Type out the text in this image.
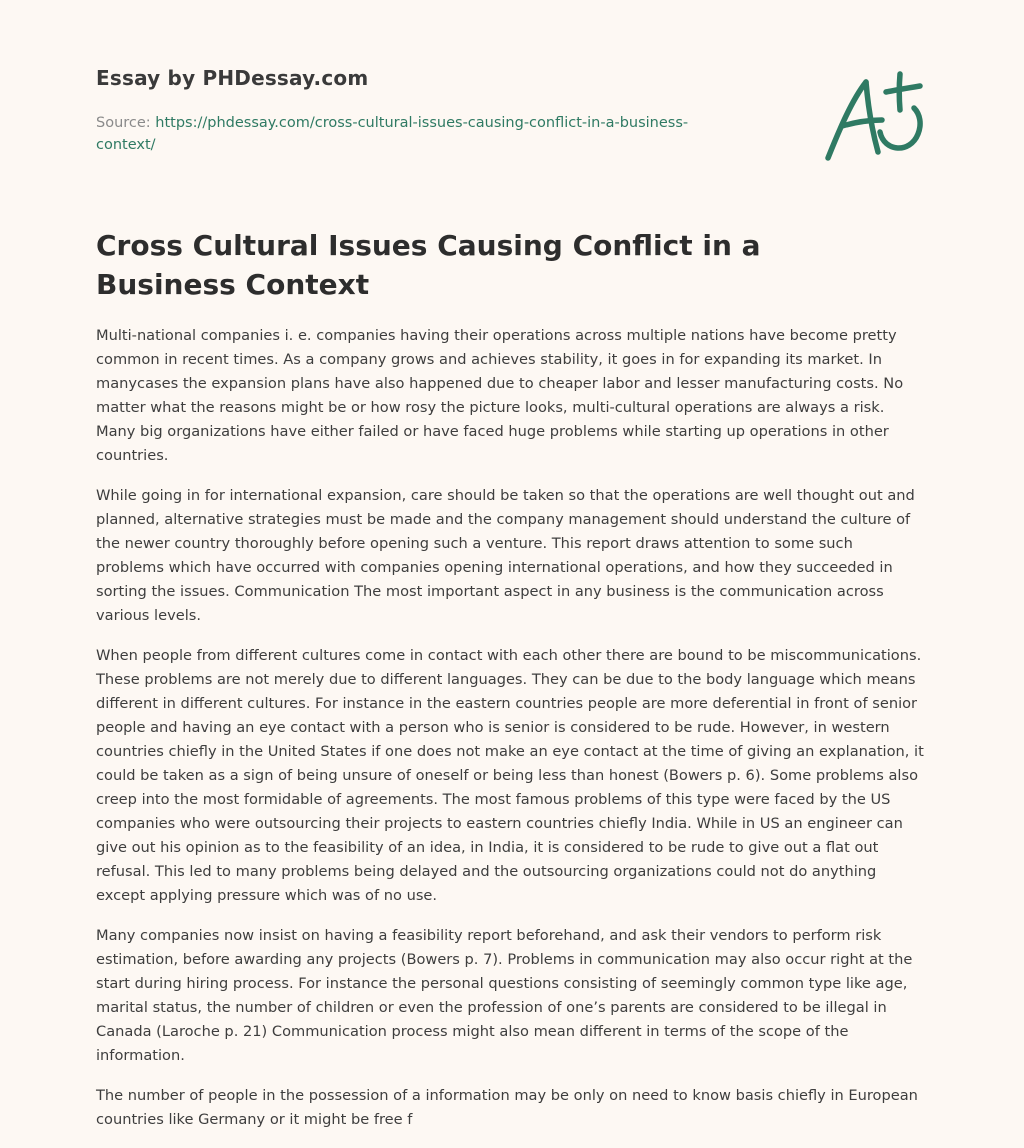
Essay by PHDessay.com
Source: https://phdessay.com/cross-cultural-issues-causing-conflict-in-a-business-context/
Cross Cultural Issues Causing Conflict in a Business Context

Multi-national companies i. e. companies having their operations across multiple nations have become pretty common in recent times. As a company grows and achieves stability, it goes in for expanding its market. In manycases the expansion plans have also happened due to cheaper labor and lesser manufacturing costs. No matter what the reasons might be or how rosy the picture looks, multi-cultural operations are always a risk. Many big organizations have either failed or have faced huge problems while starting up operations in other countries.

While going in for international expansion, care should be taken so that the operations are well thought out and planned, alternative strategies must be made and the company management should understand the culture of the newer country thoroughly before opening such a venture. This report draws attention to some such problems which have occurred with companies opening international operations, and how they succeeded in sorting the issues. Communication The most important aspect in any business is the communication across various levels.

When people from different cultures come in contact with each other there are bound to be miscommunications. These problems are not merely due to different languages. They can be due to the body language which means different in different cultures. For instance in the eastern countries people are more deferential in front of senior people and having an eye contact with a person who is senior is considered to be rude. However, in western countries chiefly in the United States if one does not make an eye contact at the time of giving an explanation, it could be taken as a sign of being unsure of oneself or being less than honest (Bowers p. 6). Some problems also creep into the most formidable of agreements. The most famous problems of this type were faced by the US companies who were outsourcing their projects to eastern countries chiefly India. While in US an engineer can give out his opinion as to the feasibility of an idea, in India, it is considered to be rude to give out a flat out refusal. This led to many problems being delayed and the outsourcing organizations could not do anything except applying pressure which was of no use.

Many companies now insist on having a feasibility report beforehand, and ask their vendors to perform risk estimation, before awarding any projects (Bowers p. 7). Problems in communication may also occur right at the start during hiring process. For instance the personal questions consisting of seemingly common type like age, marital status, the number of children or even the profession of one’s parents are considered to be illegal in Canada (Laroche p. 21) Communication process might also mean different in terms of the scope of the information.

The number of people in the possession of a information may be only on need to know basis chiefly in European countries like Germany or it might be free f
